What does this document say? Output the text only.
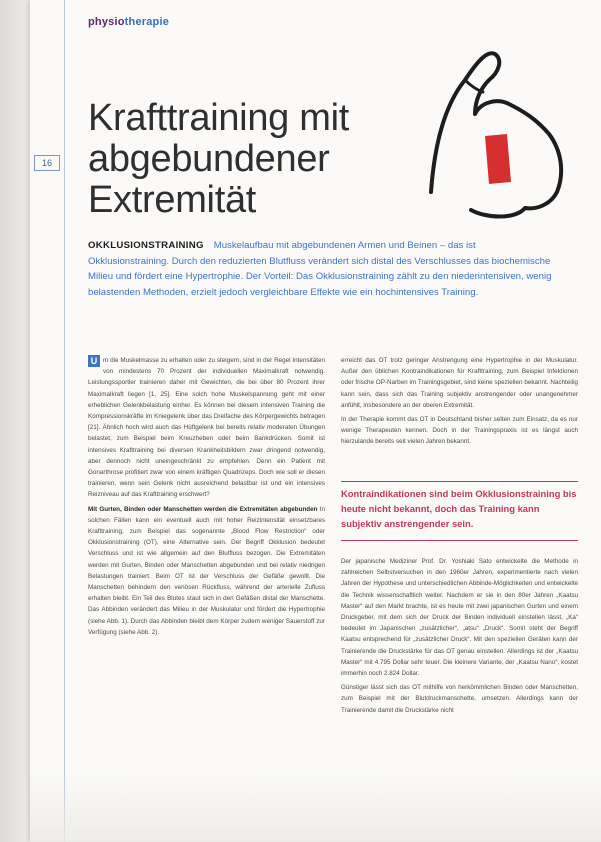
physiotherapie
16
Krafttraining mit
abgebundener
Extremität
OKKLUSIONSTRAINING Muskelaufbau mit abgebundenen Armen und Beinen – das ist Okklusionstraining. Durch den reduzierten Blutfluss verändert sich distal des Verschlusses das biochemische Milieu und fördert eine Hypertrophie. Der Vorteil: Das Okklusionstraining zählt zu den niederintensiven, wenig belastenden Methoden, erzielt jedoch vergleichbare Effekte wie ein hochintensives Training.

U m die Muskelmasse zu erhalten oder zu steigern, sind in der Regel Intensitäten von mindestens 70 Prozent der individuellen Maximalkraft notwendig. Leistungssportler trainieren daher mit Gewichten, die bei über 80 Prozent ihrer Maximalkraft liegen [1, 25]. Eine solch hohe Muskelspannung geht mit einer erheblichen Gelenkbelastung einher. Es können bei diesem intensiven Training die Kompressionskräfte im Kniegelenk über das Dreifache des Körpergewichts betragen [21]. Ähnlich hoch wird auch das Hüftgelenk bei bereits relativ moderaten Übungen belastet, zum Beispiel beim Kreuzheben oder beim Bankdrücken. Somit ist intensives Krafttraining bei diversen Krankheitsbildern zwar dringend notwendig, aber dennoch nicht uneingeschränkt zu empfehlen. Denn ein Patient mit Gonarthrose profitiert zwar von einem kräftigen Quadrizeps. Doch wie soll er diesen trainieren, wenn sein Gelenk nicht ausreichend belastbar ist und ein intensives Reizniveau auf das Krafttraining erschwert?

Mit Gurten, Binden oder Manschetten werden die Extremitäten abgebunden In solchen Fällen kann ein eventuell auch mit hoher Reizintensität einsetzbares Krafttraining, zum Beispiel das sogenannte „Blood Flow Restriction“ oder Okklusionstraining (OT), eine Alternative sein. Der Begriff Okklusion bedeutet Verschluss und ist wie allgemein auf den Blutfluss bezogen. Die Extremitäten werden mit Gurten, Binden oder Manschetten abgebunden und bei relativ niedrigen Belastungen trainiert. Beim OT ist der Verschluss der Gefäße gewollt. Die Manschetten behindern den venösen Rückfluss, während der arterielle Zufluss erhalten bleibt. Ein Teil des Blutes staut sich in den Gefäßen distal der Manschette. Das Abbinden verändert das Milieu in der Muskulatur und fördert die Hypertrophie (siehe Abb. 1). Durch das Abbinden bleibt dem Körper zudem weniger Sauerstoff zur Verfügung (siehe Abb. 2).

erreicht das OT trotz geringer Anstrengung eine Hypertrophie in der Muskulatur. Außer den üblichen Kontraindikationen für Krafttraining, zum Beispiel Infektionen oder frische OP-Narben im Trainingsgebiet, sind keine speziellen bekannt. Nachteilig kann sein, dass sich das Training subjektiv anstrengender oder unangenehmer anfühlt, insbesondere an der oberen Extremität.

In der Therapie kommt das OT in Deutschland bisher selten zum Einsatz, da es nur wenige Therapeuten kennen. Doch in der Trainingspraxis ist es längst auch hierzulande bereits seit vielen Jahren bekannt.

Kontraindikationen sind beim Okklusionstraining bis heute nicht bekannt, doch das Training kann subjektiv anstrengender sein.

Der japanische Mediziner Prof. Dr. Yoshiaki Sato entwickelte die Methode in zahlreichen Selbstversuchen in den 1960er Jahren, experimentierte nach vielen Jahren der Hypothese und unterschiedlichen Abbinde-Möglichkeiten und entwickelte die Technik wissenschaftlich weiter. Nachdem er sie in den 80er Jahren „Kaatsu Master“ auf den Markt brachte, ist es heute mit zwei japanischen Gurten und einem Druckgeber, mit dem sich der Druck der Binden individuell einstellen lässt, „Ka“ bedeutet im Japanischen „zusätzlicher“, „atsu“ „Druck“. Somit steht der Begriff Kaatsu entsprechend für „zusätzlicher Druck“. Mit den speziellen Geräten kann der Trainierende die Druckstärke für das OT genau einstellen. Allerdings ist der „Kaatsu Master“ mit 4.795 Dollar sehr teuer. Die kleinere Variante, der „Kaatsu Nano“, kostet immerhin noch 2.824 Dollar.

Günstiger lässt sich das OT mithilfe von herkömmlichen Binden oder Manschetten, zum Beispiel mit der Blutdruckmanschette, umsetzen. Allerdings kann der Trainierende damit die Druckstärke nicht
